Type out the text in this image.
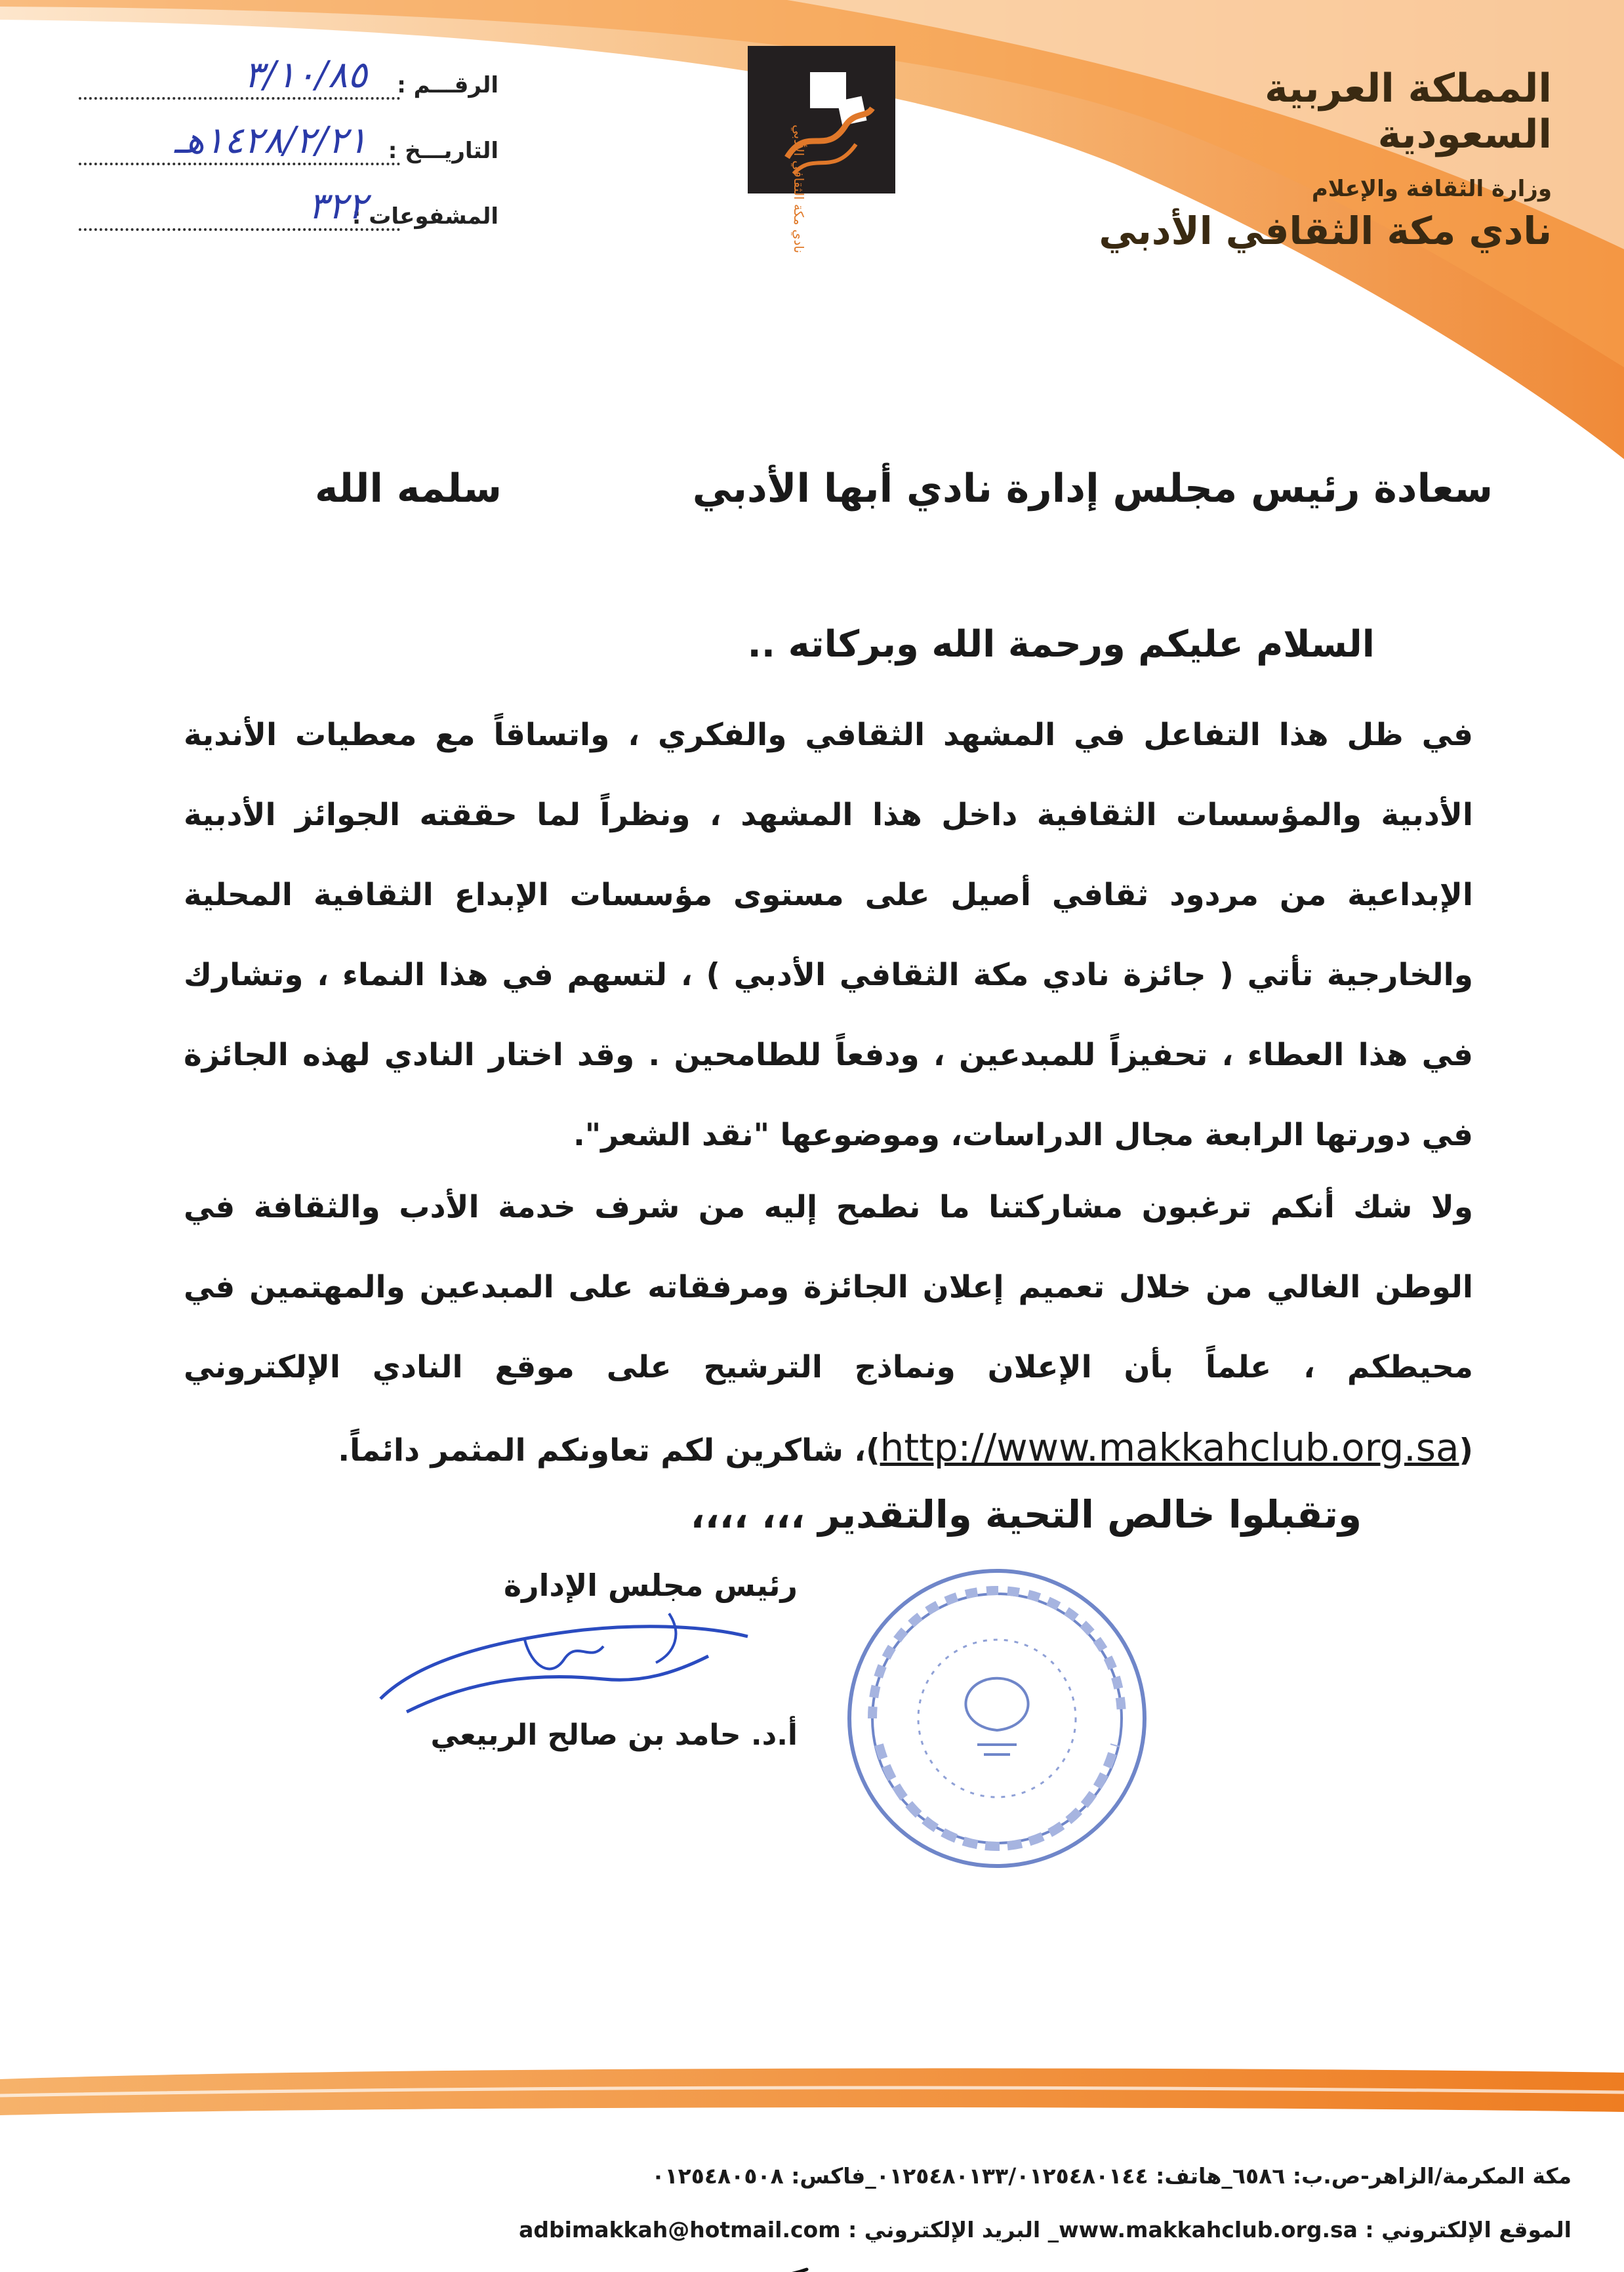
الرقـــم :
٣/١٠/٨٥
التاريـــخ :
١٤٢٨/٢/٢١هـ
المشفوعات :
٣٢٢	نادي مكة الثقافي الأدبي
المملكة العربية السعودية
وزارة الثقافة والإعلام
نادي مكة الثقافي الأدبي
سعادة رئيس مجلس إدارة نادي أبها الأدبي
سلمه الله
السلام عليكم ورحمة الله وبركاته ..
في ظل هذا التفاعل في المشهد الثقافي والفكري ، واتساقاً مع معطيات الأندية الأدبية والمؤسسات الثقافية داخل هذا المشهد ، ونظراً لما حققته الجوائز الأدبية الإبداعية من مردود ثقافي أصيل على مستوى مؤسسات الإبداع الثقافية المحلية والخارجية تأتي ( جائزة نادي مكة الثقافي الأدبي ) ، لتسهم في هذا النماء ، وتشارك في هذا العطاء ، تحفيزاً للمبدعين ، ودفعاً للطامحين . وقد اختار النادي لهذه الجائزة في دورتها الرابعة مجال الدراسات، وموضوعها "نقد الشعر".
ولا شك أنكم ترغبون مشاركتنا ما نطمح إليه من شرف خدمة الأدب والثقافة في الوطن الغالي من خلال تعميم إعلان الجائزة ومرفقاته على المبدعين والمهتمين في محيطكم ، علماً بأن الإعلان ونماذج الترشيح على موقع النادي الإلكتروني (http://www.makkahclub.org.sa)، شاكرين لكم تعاونكم المثمر دائماً.
وتقبلوا خالص التحية والتقدير ،،، ،،،،
رئيس مجلس الإدارة
أ.د. حامد بن صالح الربيعي
مكة المكرمة/الزاهر-ص.ب: ٦٥٨٦_هاتف: ٠١٢٥٤٨٠١٣٣/٠١٢٥٤٨٠١٤٤_فاكس: ٠١٢٥٤٨٠٥٠٨
الموقع الإلكتروني : www.makkahclub.org.sa_ البريد الإلكتروني : adbimakkah@hotmail.com
